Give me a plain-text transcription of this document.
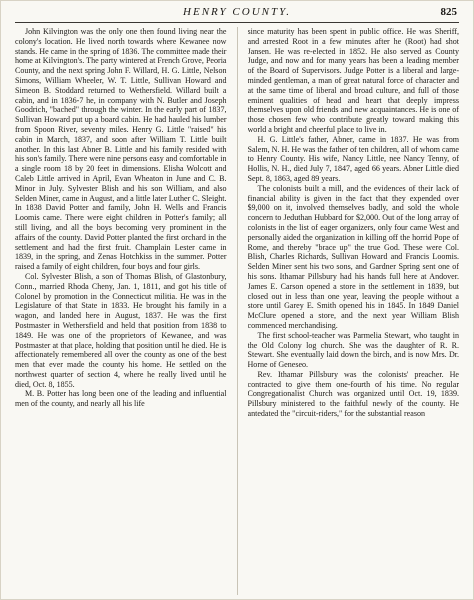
HENRY COUNTY.	825

John Kilvington was the only one then found living near the colony's location. He lived north towards where Kewanee now stands. He came in the spring of 1836. The committee made their home at Kilvington's. The party wintered at French Grove, Peoria County, and the next spring John F. Willard, H. G. Little, Nelson Simons, William Wheeler, W. T. Little, Sullivan Howard and Simeon B. Stoddard returned to Wethersfield. Willard built a cabin, and in 1836-7 he, in company with N. Butler and Joseph Goodrich, "bached" through the winter. In the early part of 1837, Sullivan Howard put up a board cabin. He had hauled his lumber from Spoon River, seventy miles. Henry G. Little "raised" his cabin in March, 1837, and soon after William T. Little built another. In this last Abner B. Little and his family resided with his son's family. There were nine persons easy and comfortable in a single room 18 by 20 feet in dimensions. Elisha Wolcott and Caleb Little arrived in April, Evan Wheaton in June and C. B. Minor in July. Sylvester Blish and his son William, and also Selden Miner, came in August, and a little later Luther C. Sleight. In 1838 David Potter and family, John H. Wells and Francis Loomis came. There were eight children in Potter's family; all still living, and all the boys becoming very prominent in the affairs of the county. David Potter planted the first orchard in the settlement and had the first fruit. Champlain Lester came in 1839, in the spring, and Zenas Hotchkiss in the summer. Potter raised a family of eight children, four boys and four girls.

Col. Sylvester Blish, a son of Thomas Blish, of Glastonbury, Conn., married Rhoda Cheny, Jan. 1, 1811, and got his title of Colonel by promotion in the Connecticut militia. He was in the Legislature of that State in 1833. He brought his family in a wagon, and landed here in August, 1837. He was the first Postmaster in Wethersfield and held that position from 1838 to 1849. He was one of the proprietors of Kewanee, and was Postmaster at that place, holding that position until he died. He is affectionately remembered all over the county as one of the best men that ever made the county his home. He settled on the northwest quarter of section 4, where he really lived until he died, Oct. 8, 1855.

M. B. Potter has long been one of the leading and influential men of the county, and nearly all his life

since maturity has been spent in public office. He was Sheriff, and arrested Root in a few minutes after he (Root) had shot Jansen. He was re-elected in 1852. He also served as County Judge, and now and for many years has been a leading member of the Board of Supervisors. Judge Potter is a liberal and large-minded gentleman, a man of great natural force of character and at the same time of liberal and broad culture, and full of those eminent qualities of head and heart that deeply impress themselves upon old friends and new acquaintances. He is one of those chosen few who contribute greatly toward making this world a bright and cheerful place to live in.

H. G. Little's father, Abner, came in 1837. He was from Salem, N. H. He was the father of ten children, all of whom came to Henry County. His wife, Nancy Little, nee Nancy Tenny, of Hollis, N. H., died July 7, 1847, aged 66 years. Abner Little died Sept. 8, 1863, aged 89 years.

The colonists built a mill, and the evidences of their lack of financial ability is given in the fact that they expended over $9,000 on it, involved themselves badly, and sold the whole concern to Jeduthan Hubbard for $2,000. Out of the long array of colonists in the list of eager organizers, only four came West and personally aided the organization in killing off the horrid Pope of Rome, and thereby "brace up" the true God. These were Col. Blish, Charles Richards, Sullivan Howard and Francis Loomis. Selden Miner sent his two sons, and Gardner Spring sent one of his sons. Ithamar Pillsbury had his hands full here at Andover. James E. Carson opened a store in the settlement in 1839, but closed out in less than one year, leaving the people without a store until Garey E. Smith opened his in 1845. In 1849 Daniel McClure opened a store, and the next year William Blish commenced merchandising.

The first school-teacher was Parmelia Stewart, who taught in the Old Colony log church. She was the daughter of R. R. Stewart. She eventually laid down the birch, and is now Mrs. Dr. Horne of Geneseo.

Rev. Ithamar Pillsbury was the colonists' preacher. He contracted to give them one-fourth of his time. No regular Congregationalist Church was organized until Oct. 19, 1839. Pillsbury ministered to the faithful newly of the county. He antedated the "circuit-riders," for the substantial reason
